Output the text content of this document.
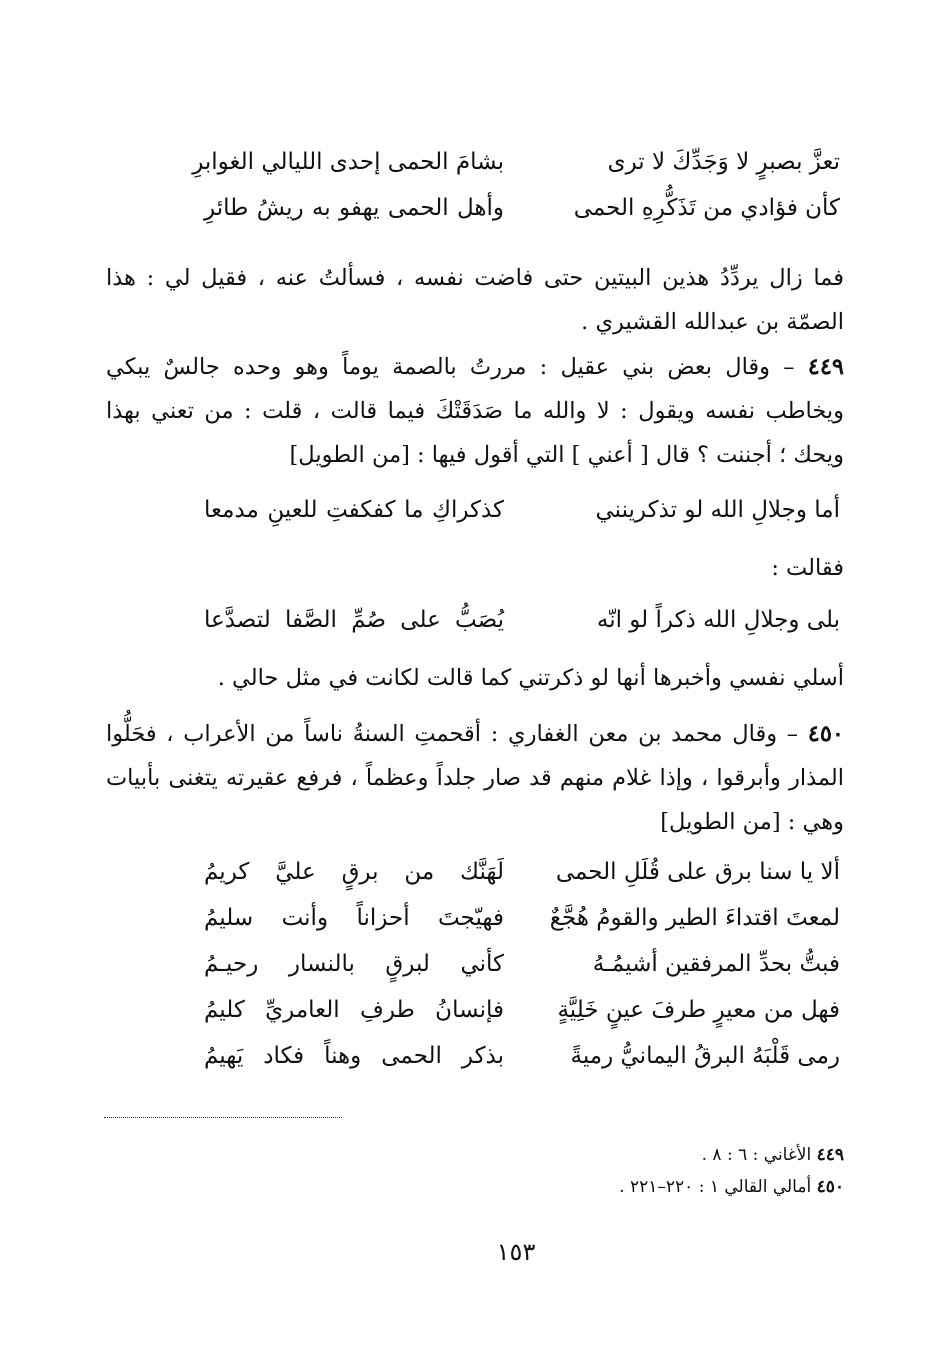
تعزَّ بصبرٍ لا وَجَدِّكَ لا ترى
بشامَ الحمى إحدى الليالي الغوابرِ
كأن فؤادي من تَذَكُّرِهِ الحمى
وأهل الحمى يهفو به ريشُ طائرِ
فما زال يردِّدُ هذين البيتين حتى فاضت نفسه ، فسألتُ عنه ، فقيل لي : هذا الصمّة بن عبدالله القشيري .
٤٤٩ – وقال بعض بني عقيل : مررتُ بالصمة يوماً وهو وحده جالسٌ يبكي ويخاطب نفسه ويقول : لا والله ما صَدَقَتْكَ فيما قالت ، قلت : من تعني بهذا ويحك ؛ أجننت ؟ قال [ أعني ] التي أقول فيها : [من الطويل]
أما وجلالِ الله لو تذكرينني
كذكراكِ ما كفكفتِ للعينِ مدمعا
فقالت :
بلى وجلالِ الله ذكراً لو انّه
يُصَبُّ على صُمِّ الصَّفا لتصدَّعا
أسلي نفسي وأخبرها أنها لو ذكرتني كما قالت لكانت في مثل حالي .
٤٥٠ – وقال محمد بن معن الغفاري : أقحمتِ السنةُ ناساً من الأعراب ، فحَلُّوا المذار وأبرقوا ، وإذا غلام منهم قد صار جلداً وعظماً ، فرفع عقيرته يتغنى بأبيات وهي : [من الطويل]
ألا يا سنا برق على قُلَلِ الحمى
لَهَنَّك من برقٍ عليَّ كريمُ
لمعتَ اقتداءَ الطير والقومُ هُجَّعٌ
فهيّجتَ أحزاناً وأنت سليمُ
فبتُّ بحدِّ المرفقين أشيمُـهُ
كأني لبرقٍ بالنسار رحيـمُ
فهل من معيرٍ طرفَ عينٍ خَلِيَّةٍ
فإنسانُ طرفِ العامريِّ كليمُ
رمى قَلْبَهُ البرقُ اليمانيُّ رميةً
بذكر الحمى وهناً فكاد يَهيمُ
٤٤٩ الأغاني : ٦ : ٨ .
٤٥٠ أمالي القالي ١ : ٢٢٠–٢٢١ .
١٥٣
